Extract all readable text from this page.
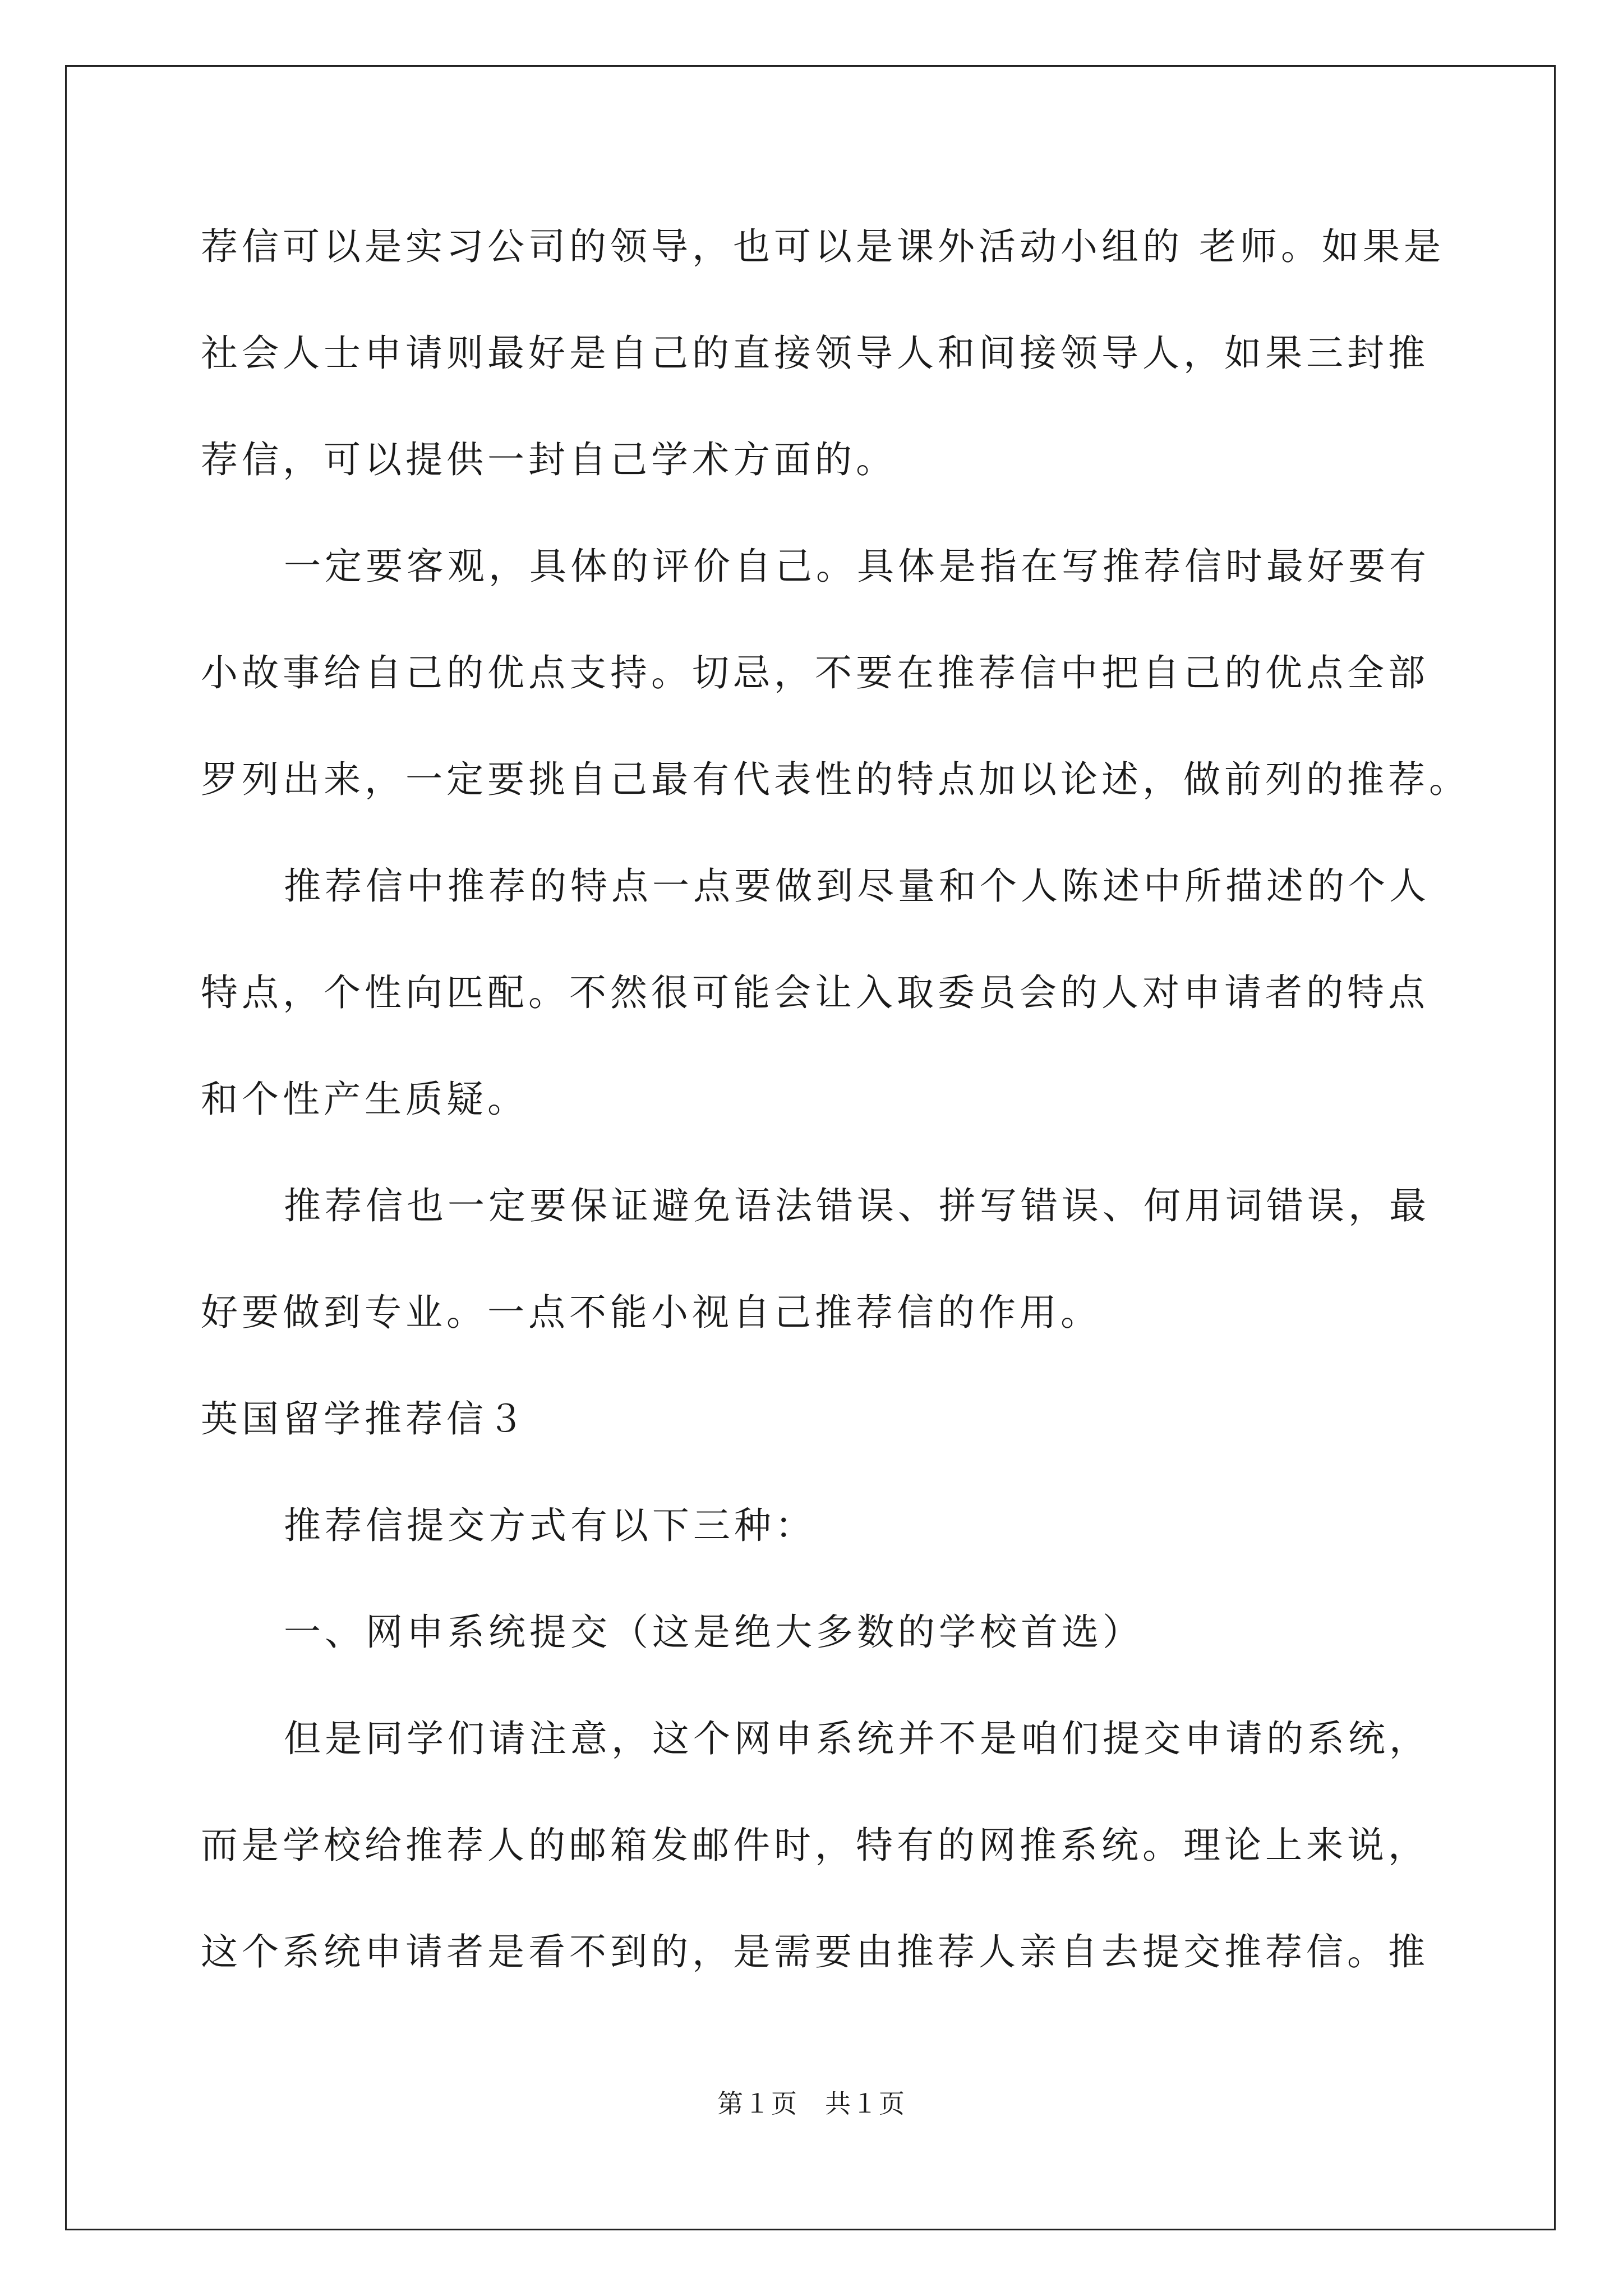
荐信可以是实习公司的领导，也可以是课外活动小组的 老师。如果是
社会人士申请则最好是自己的直接领导人和间接领导人，如果三封推
荐信，可以提供一封自己学术方面的。
一定要客观，具体的评价自己。具体是指在写推荐信时最好要有
小故事给自己的优点支持。切忌，不要在推荐信中把自己的优点全部
罗列出来，一定要挑自己最有代表性的特点加以论述，做前列的推荐。
推荐信中推荐的特点一点要做到尽量和个人陈述中所描述的个人
特点，个性向匹配。不然很可能会让入取委员会的人对申请者的特点
和个性产生质疑。
推荐信也一定要保证避免语法错误、拼写错误、何用词错误，最
好要做到专业。一点不能小视自己推荐信的作用。
英国留学推荐信３
推荐信提交方式有以下三种：
一、网申系统提交（这是绝大多数的学校首选）
但是同学们请注意，这个网申系统并不是咱们提交申请的系统，
而是学校给推荐人的邮箱发邮件时，特有的网推系统。理论上来说，
这个系统申请者是看不到的，是需要由推荐人亲自去提交推荐信。推
第１页　共１页
